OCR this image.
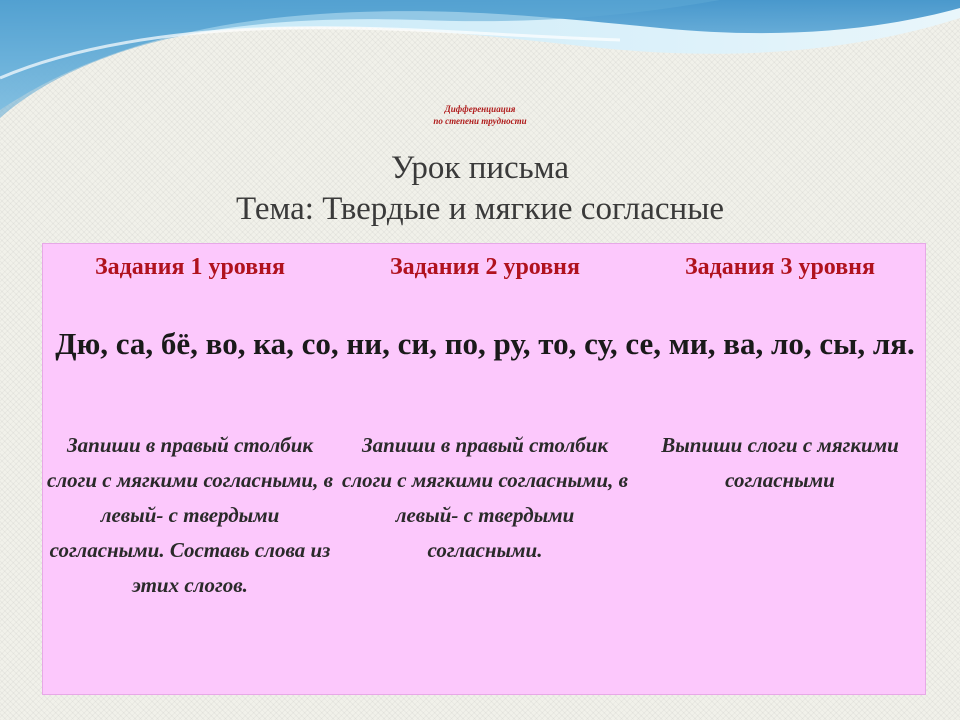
Дифференциация
по степени трудности
Урок письма
Тема: Твердые и мягкие согласные
Задания 1 уровня	Задания 2 уровня	Задания 3 уровня
Дю, са, бё, во, ка, со, ни, си, по, ру, то, су, се, ми, ва, ло, сы, ля.
Запиши в правый столбик слоги с мягкими согласными, в левый- с твердыми согласными. Составь слова из этих слогов.
Запиши в правый столбик слоги с мягкими согласными, в левый- с твердыми согласными.
Выпиши слоги с мягкими согласными
